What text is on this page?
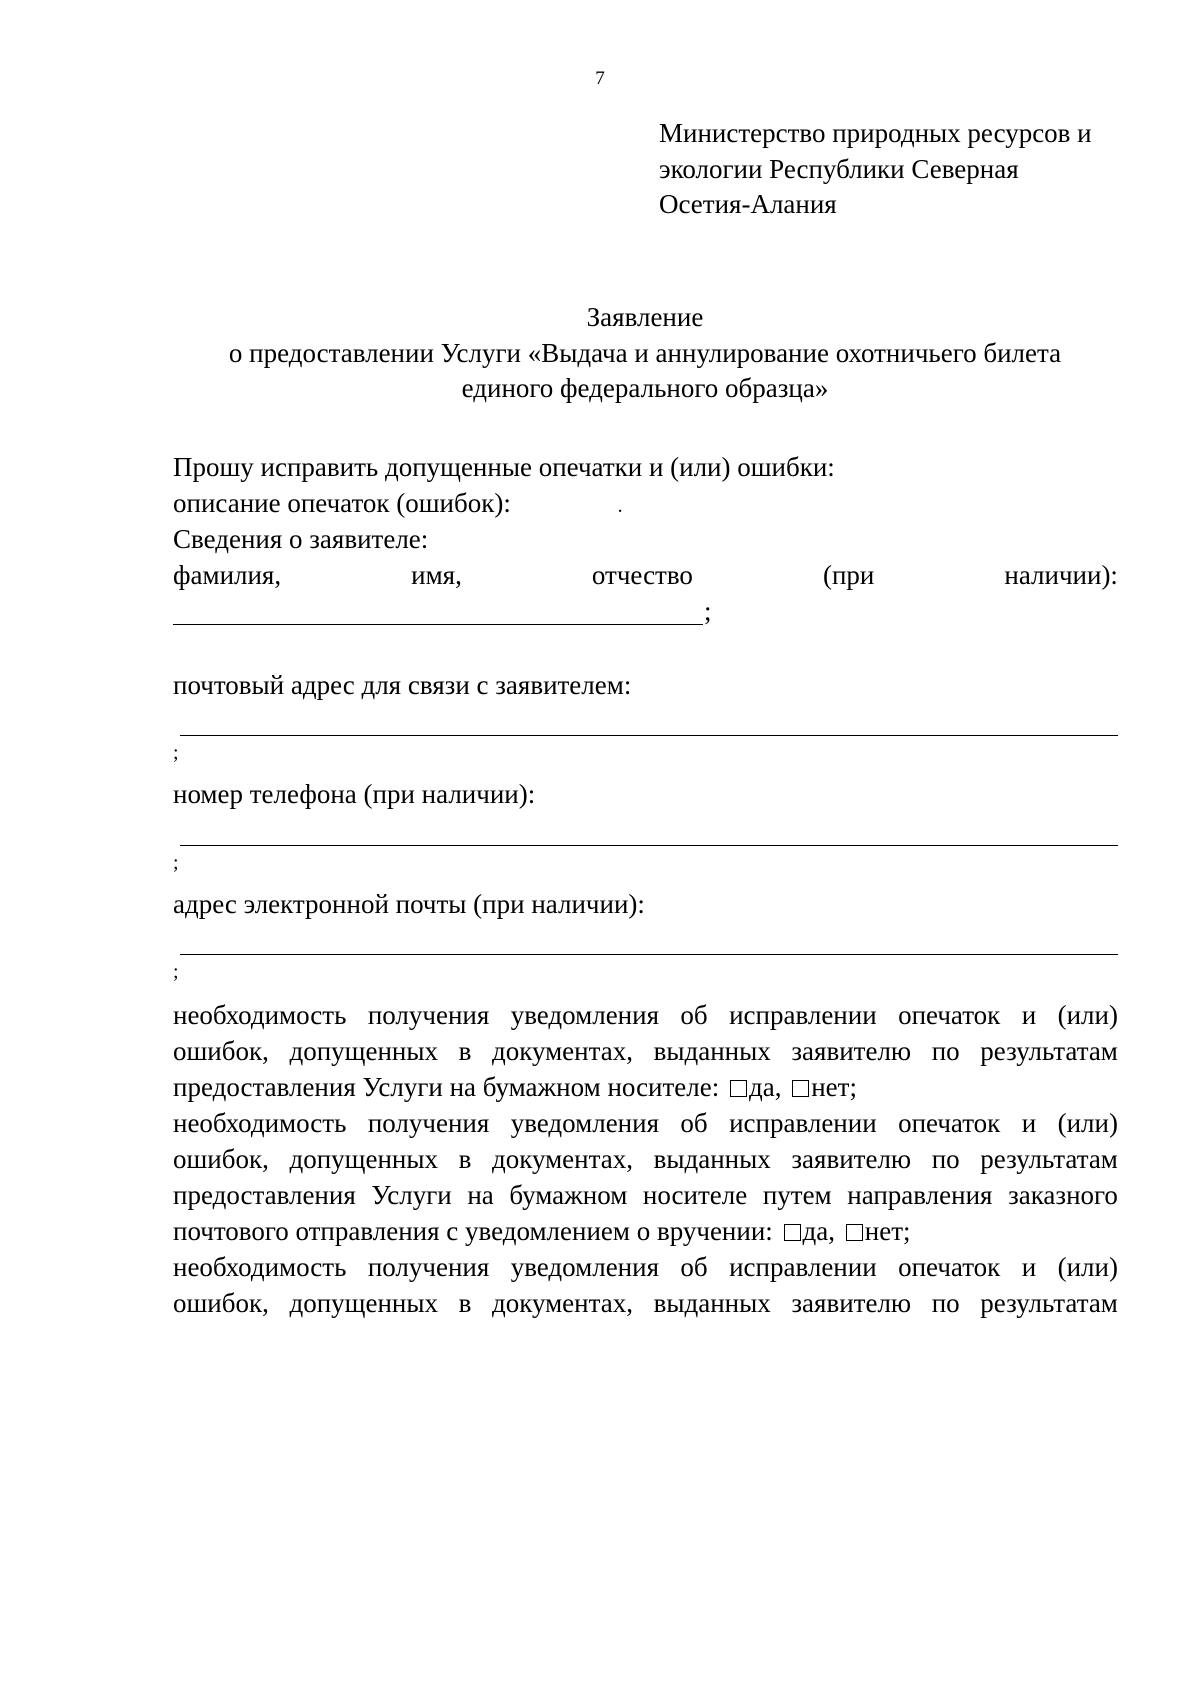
7
Министерство природных ресурсов и
экологии Республики Северная
Осетия-Алания
Заявление
о предоставлении Услуги «Выдача и аннулирование охотничьего билета
единого федерального образца»
Прошу исправить допущенные опечатки и (или) ошибки:
описание опечаток (ошибок):	.
Сведения о заявителе:
фамилия,	имя,	отчество	(при	наличии):
;
почтовый адрес для связи с заявителем:
;
номер телефона (при наличии):
;
адрес электронной почты (при наличии):
;
необходимость получения уведомления об исправлении опечаток и (или)
ошибок, допущенных в документах, выданных заявителю по результатам
предоставления Услуги на бумажном носителе: да, нет;
необходимость получения уведомления об исправлении опечаток и (или)
ошибок, допущенных в документах, выданных заявителю по результатам
предоставления Услуги на бумажном носителе путем направления заказного
почтового отправления с уведомлением о вручении: да, нет;
необходимость получения уведомления об исправлении опечаток и (или)
ошибок, допущенных в документах, выданных заявителю по результатам
